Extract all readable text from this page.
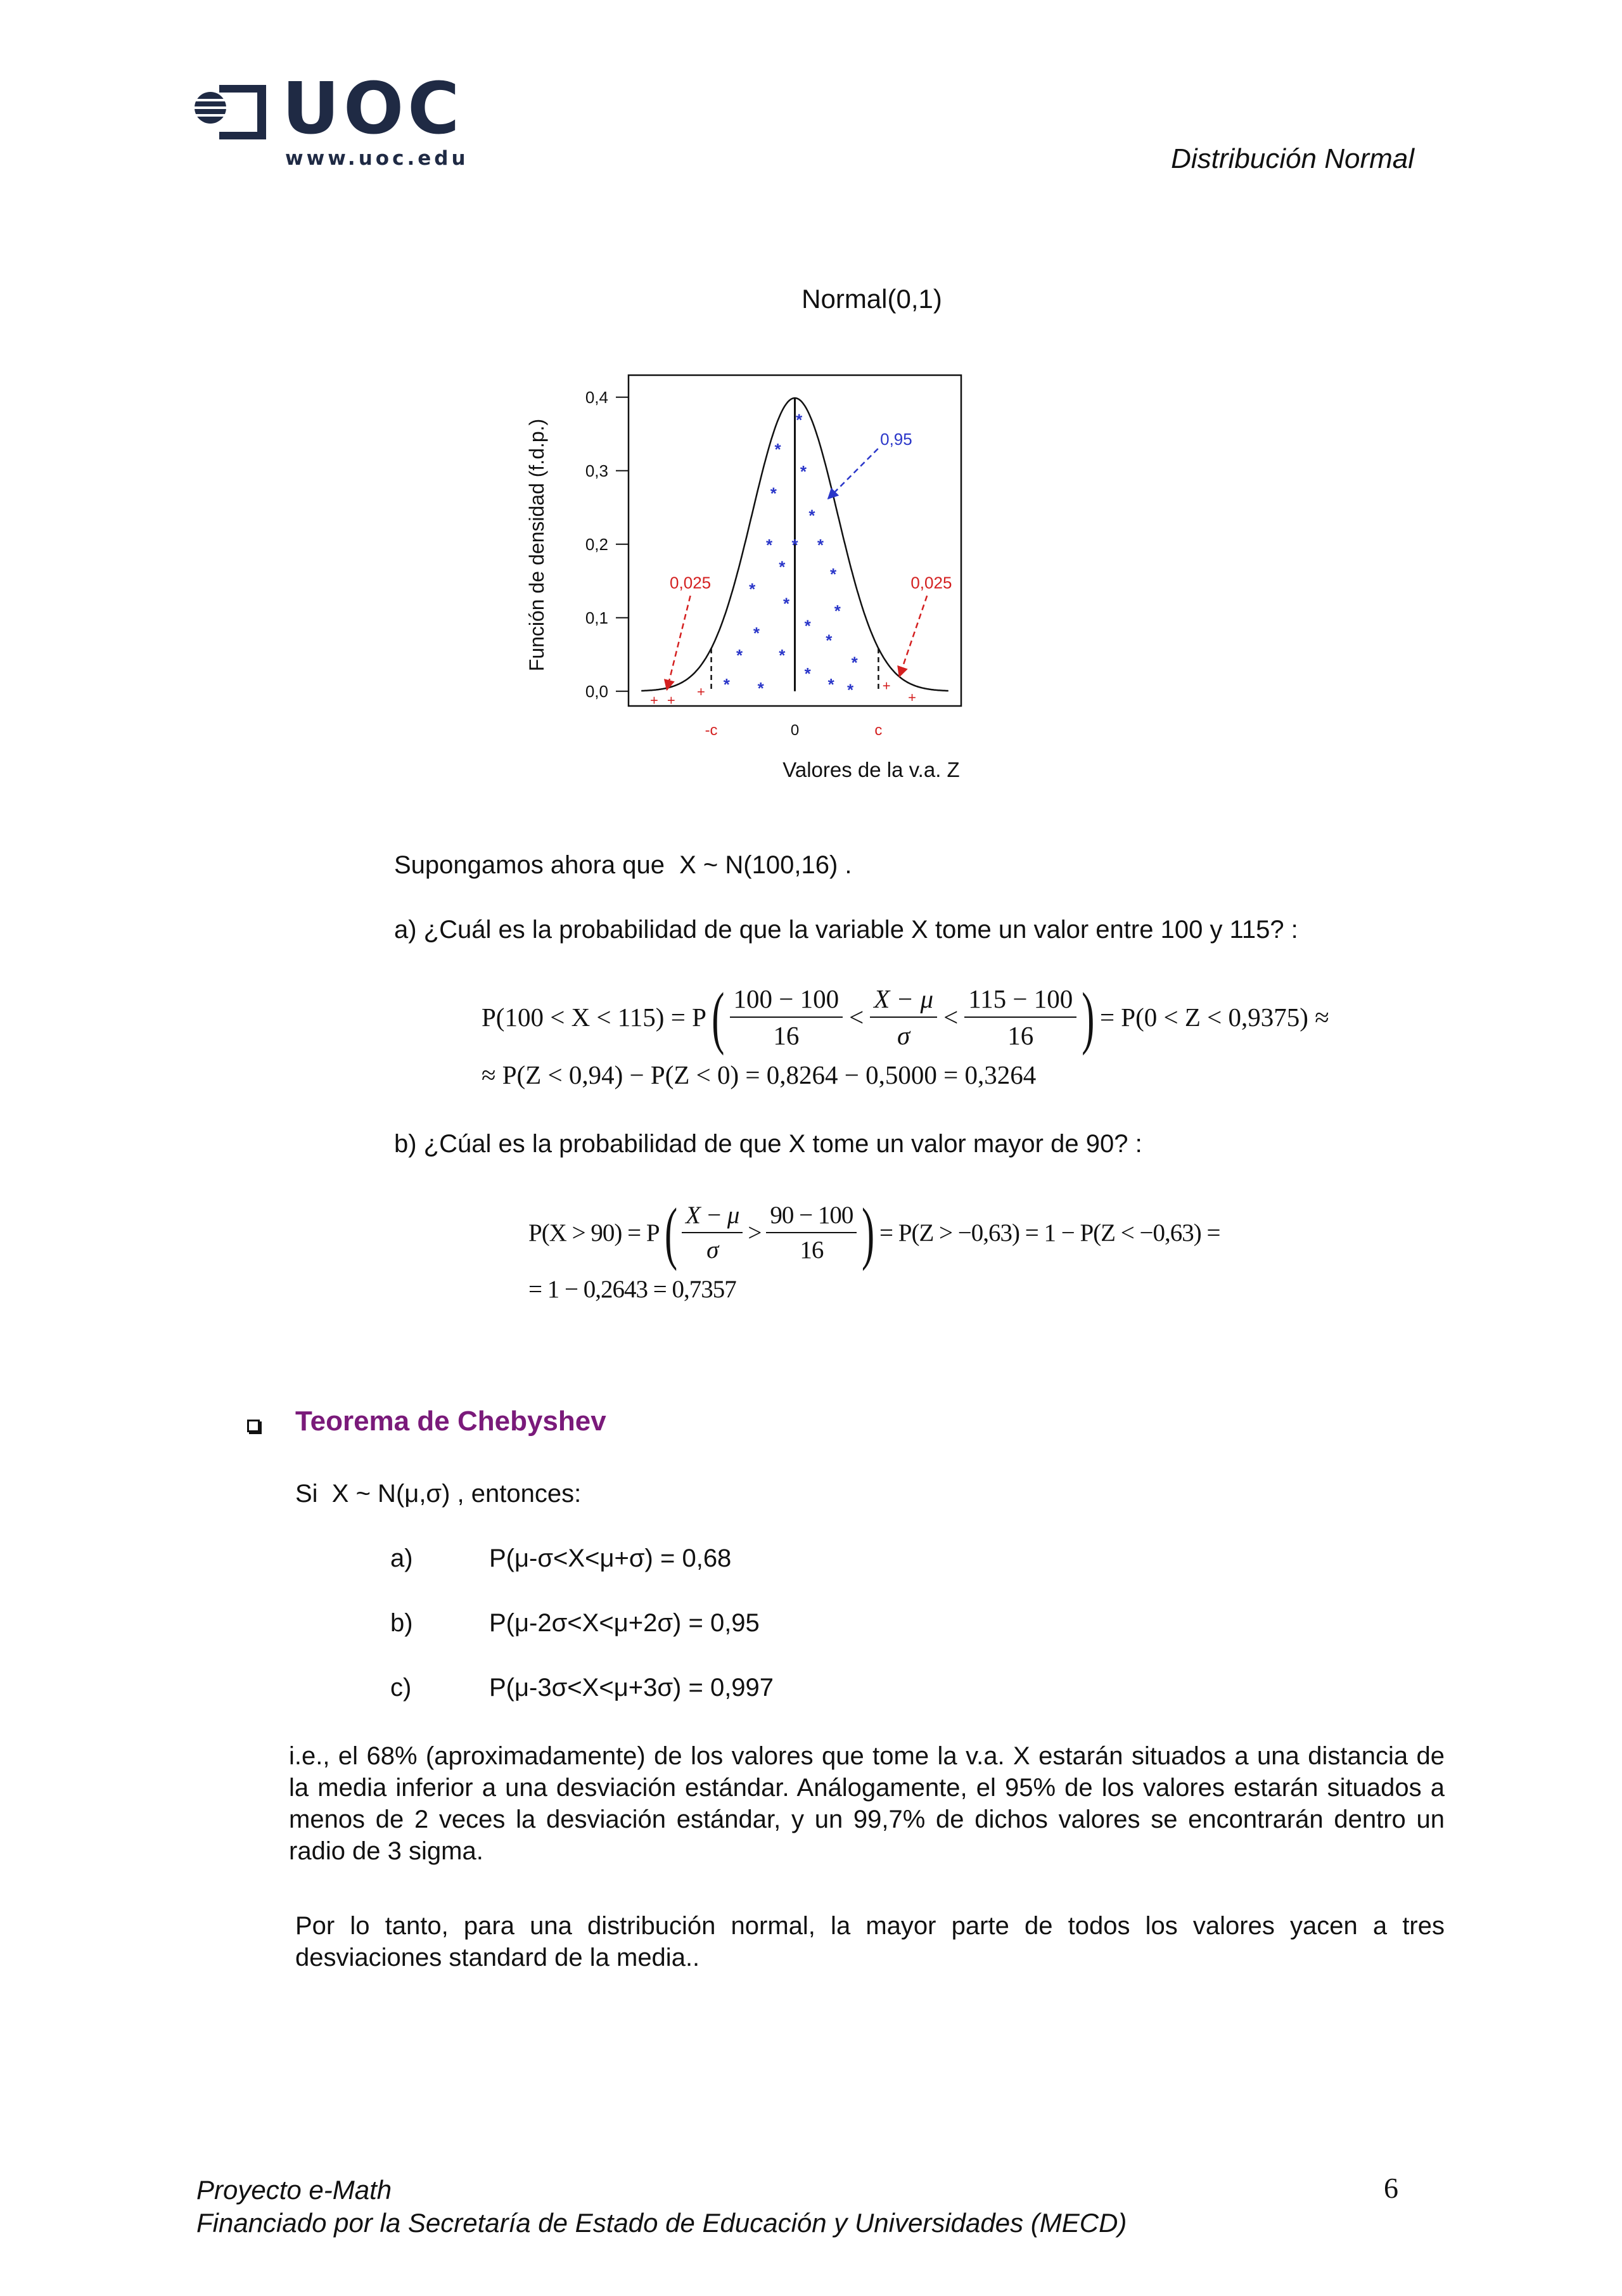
UOC
www.uoc.edu	Distribución Normal
Normal(0,1)
0,0
0,1
0,2
0,3
0,4
-c	0	c
*
*
*
*
*
*	*
*
*	*
*
*	*
*
*	*
* *	*
*
* *	*
*
+ +
+	+
+
0,95
0,025	0,025
Función de densidad (f.d.p.)
Valores de la v.a. Z
Supongamos ahora que X ~ N(100,16) .
a) ¿Cuál es la probabilidad de que la variable X tome un valor entre 100 y 115? :
P(100 < X < 115) = P ( $\frac{100 - 100}{16} < \frac{X - \mu}{\sigma} < \frac{115 - 100}{16}$ ) = P(0 < Z < 0,9375) ≈
≈ P(Z < 0,94) − P(Z < 0) = 0,8264 − 0,5000 = 0,3264
b) ¿Cúal es la probabilidad de que X tome un valor mayor de 90? :
P(X > 90) = P ( $\frac{X - \mu}{\sigma} > \frac{90 - 100}{16}$ ) = P(Z > −0,63) = 1 − P(Z < −0,63) =
= 1 − 0,2643 = 0,7357
Teorema de Chebyshev
Si  X ~ N(μ,σ) , entonces:
a)	P(μ-σ<X<μ+σ) = 0,68
b)	P(μ-2σ<X<μ+2σ) = 0,95
c)	P(μ-3σ<X<μ+3σ) = 0,997
i.e., el 68% (aproximadamente) de los valores que tome la v.a. X estarán situados a una distancia de la media inferior a una desviación estándar. Análogamente, el 95% de los valores estarán situados a menos de 2 veces la desviación estándar, y un 99,7% de dichos valores se encontrarán dentro un radio de 3 sigma.
Por lo tanto, para una distribución normal, la mayor parte de todos los valores yacen a tres desviaciones standard de la media..
Proyecto e-Math
Financiado por la Secretaría de Estado de Educación y Universidades (MECD)
6
